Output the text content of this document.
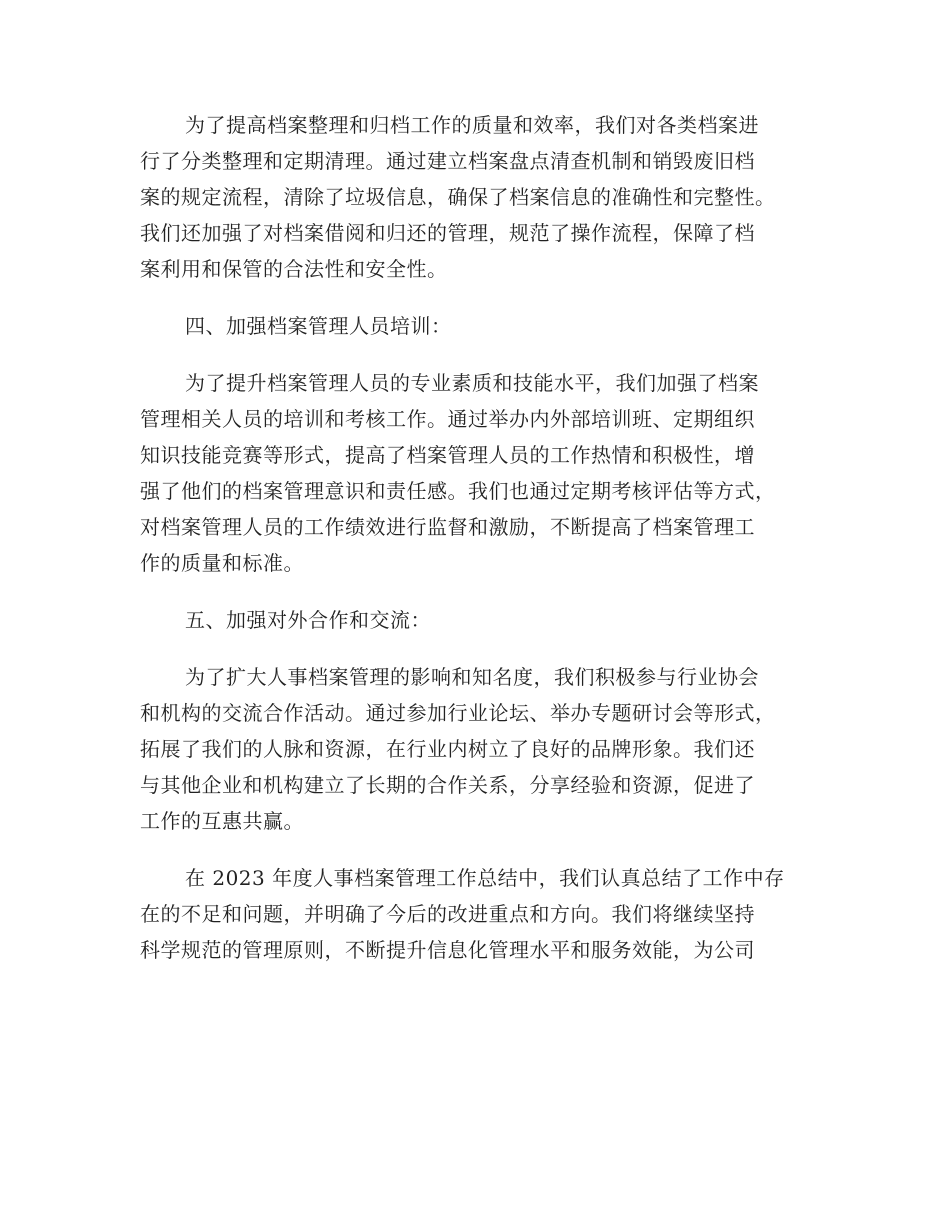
为了提高档案整理和归档工作的质量和效率，我们对各类档案进
行了分类整理和定期清理。通过建立档案盘点清查机制和销毁废旧档
案的规定流程，清除了垃圾信息，确保了档案信息的准确性和完整性。
我们还加强了对档案借阅和归还的管理，规范了操作流程，保障了档
案利用和保管的合法性和安全性。
四、加强档案管理人员培训：
为了提升档案管理人员的专业素质和技能水平，我们加强了档案
管理相关人员的培训和考核工作。通过举办内外部培训班、定期组织
知识技能竞赛等形式，提高了档案管理人员的工作热情和积极性，增
强了他们的档案管理意识和责任感。我们也通过定期考核评估等方式，
对档案管理人员的工作绩效进行监督和激励，不断提高了档案管理工
作的质量和标准。
五、加强对外合作和交流：
为了扩大人事档案管理的影响和知名度，我们积极参与行业协会
和机构的交流合作活动。通过参加行业论坛、举办专题研讨会等形式，
拓展了我们的人脉和资源，在行业内树立了良好的品牌形象。我们还
与其他企业和机构建立了长期的合作关系，分享经验和资源，促进了
工作的互惠共赢。
在 2023 年度人事档案管理工作总结中，我们认真总结了工作中存
在的不足和问题，并明确了今后的改进重点和方向。我们将继续坚持
科学规范的管理原则，不断提升信息化管理水平和服务效能，为公司
